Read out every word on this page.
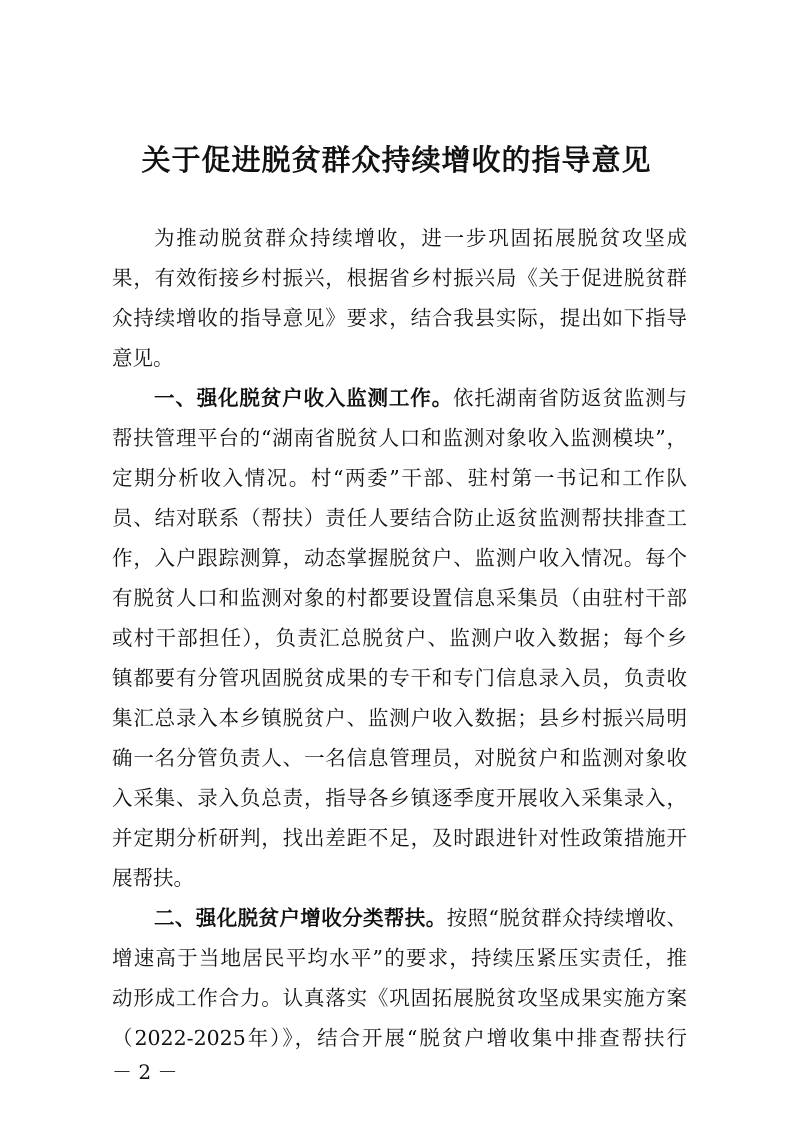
关于促进脱贫群众持续增收的指导意见
为推动脱贫群众持续增收，进一步巩固拓展脱贫攻坚成
果，有效衔接乡村振兴，根据省乡村振兴局《关于促进脱贫群
众持续增收的指导意见》要求，结合我县实际，提出如下指导
意见。
一、强化脱贫户收入监测工作。依托湖南省防返贫监测与
帮扶管理平台的“湖南省脱贫人口和监测对象收入监测模块”，
定期分析收入情况。村“两委”干部、驻村第一书记和工作队
员、结对联系（帮扶）责任人要结合防止返贫监测帮扶排查工
作，入户跟踪测算，动态掌握脱贫户、监测户收入情况。每个
有脱贫人口和监测对象的村都要设置信息采集员（由驻村干部
或村干部担任），负责汇总脱贫户、监测户收入数据；每个乡
镇都要有分管巩固脱贫成果的专干和专门信息录入员，负责收
集汇总录入本乡镇脱贫户、监测户收入数据；县乡村振兴局明
确一名分管负责人、一名信息管理员，对脱贫户和监测对象收
入采集、录入负总责，指导各乡镇逐季度开展收入采集录入，
并定期分析研判，找出差距不足，及时跟进针对性政策措施开
展帮扶。
二、强化脱贫户增收分类帮扶。按照“脱贫群众持续增收、
增速高于当地居民平均水平”的要求，持续压紧压实责任，推
动形成工作合力。认真落实《巩固拓展脱贫攻坚成果实施方案
（2022-2025年）》，结合开展“脱贫户增收集中排查帮扶行
－ 2 －
